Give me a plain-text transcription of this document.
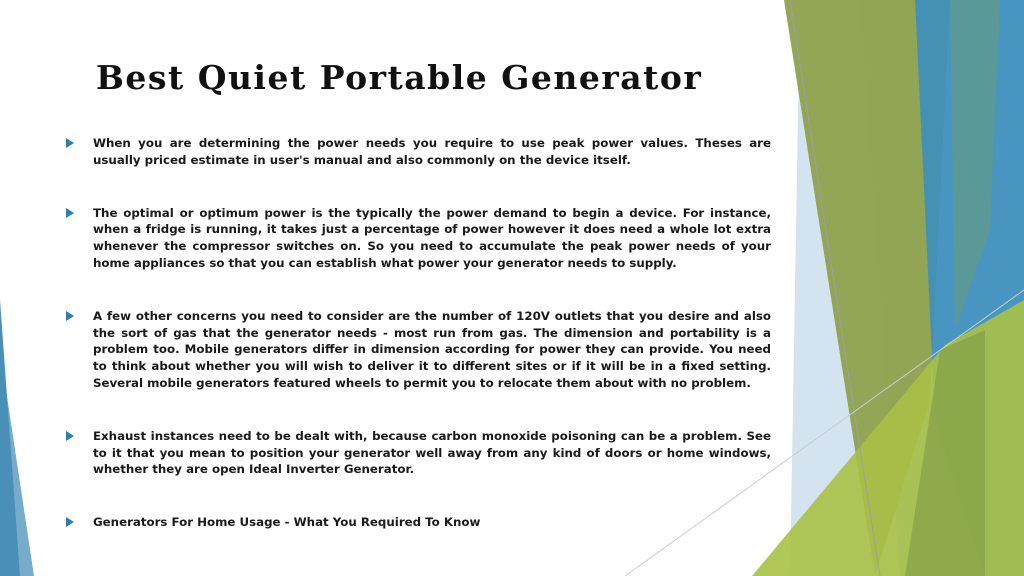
Best Quiet Portable Generator

When you are determining the power needs you require to use peak power values. Theses are usually priced estimate in user's manual and also commonly on the device itself.

The optimal or optimum power is the typically the power demand to begin a device. For instance, when a fridge is running, it takes just a percentage of power however it does need a whole lot extra whenever the compressor switches on. So you need to accumulate the peak power needs of your home appliances so that you can establish what power your generator needs to supply.

A few other concerns you need to consider are the number of 120V outlets that you desire and also the sort of gas that the generator needs - most run from gas. The dimension and portability is a problem too. Mobile generators differ in dimension according for power they can provide. You need to think about whether you will wish to deliver it to different sites or if it will be in a fixed setting. Several mobile generators featured wheels to permit you to relocate them about with no problem.

Exhaust instances need to be dealt with, because carbon monoxide poisoning can be a problem. See to it that you mean to position your generator well away from any kind of doors or home windows, whether they are open Ideal Inverter Generator.

Generators For Home Usage - What You Required To Know
